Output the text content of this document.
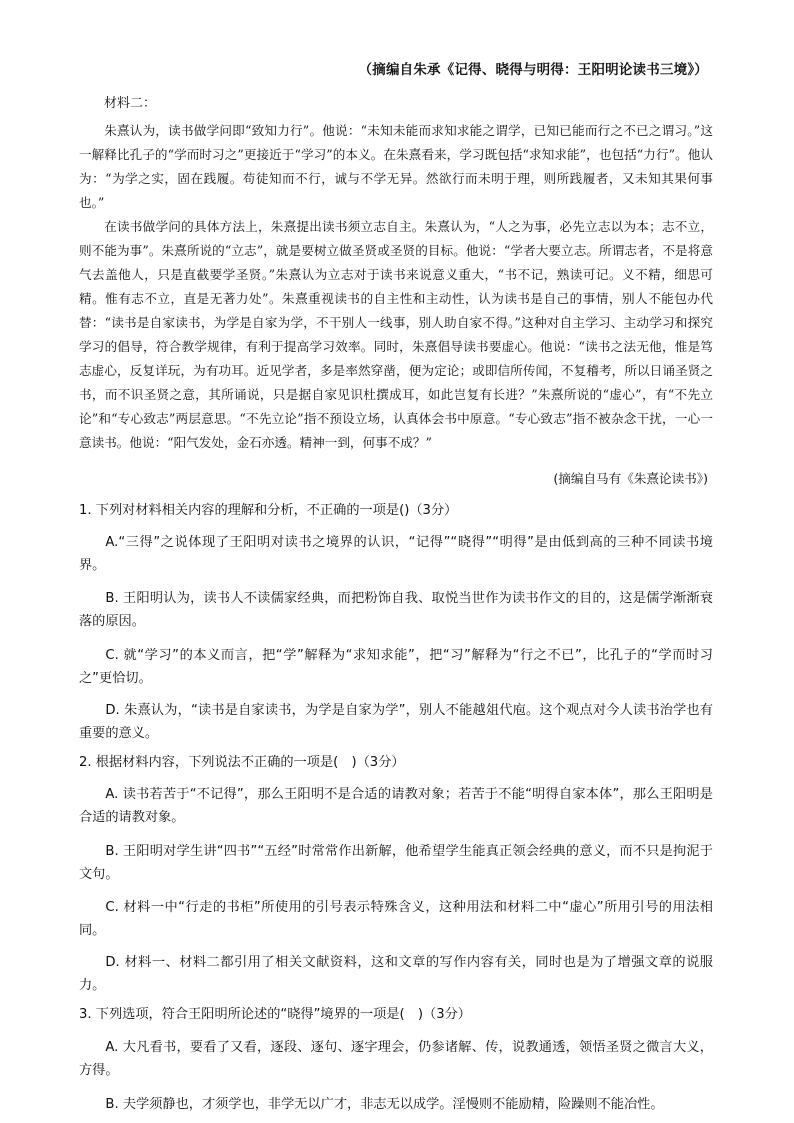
（摘编自朱承《记得、晓得与明得：王阳明论读书三境》）
材料二：

朱熹认为，读书做学问即“致知力行”。他说：“未知未能而求知求能之谓学，已知已能而行之不已之谓习。”这一解释比孔子的“学而时习之”更接近于“学习”的本义。在朱熹看来，学习既包括“求知求能”，也包括“力行”。他认为：“为学之实，固在践履。苟徒知而不行，诚与不学无异。然欲行而未明于理，则所践履者，又未知其果何事也。”

在读书做学问的具体方法上，朱熹提出读书须立志自主。朱熹认为，“人之为事，必先立志以为本；志不立，则不能为事”。朱熹所说的“立志”，就是要树立做圣贤或圣贤的目标。他说：“学者大要立志。所谓志者，不是将意气去盖他人，只是直截要学圣贤。”朱熹认为立志对于读书来说意义重大，“书不记，熟读可记。义不精，细思可精。惟有志不立，直是无著力处”。朱熹重视读书的自主性和主动性，认为读书是自己的事情，别人不能包办代替：“读书是自家读书，为学是自家为学，不干别人一线事，别人助自家不得。”这种对自主学习、主动学习和探究学习的倡导，符合教学规律，有利于提高学习效率。同时，朱熹倡导读书要虚心。他说：“读书之法无他，惟是笃志虚心，反复详玩，为有功耳。近见学者，多是率然穿凿，便为定论；或即信所传闻，不复稽考，所以日诵圣贤之书，而不识圣贤之意，其所诵说，只是据自家见识杜撰成耳，如此岂复有长进？”朱熹所说的“虚心”，有“不先立论”和“专心致志”两层意思。“不先立论”指不预设立场，认真体会书中原意。“专心致志”指不被杂念干扰，一心一意读书。他说：“阳气发处，金石亦透。精神一到，何事不成？”

(摘编自马有《朱熹论读书》)
1. 下列对材料相关内容的理解和分析，不正确的一项是()（3分）

A.“三得”之说体现了王阳明对读书之境界的认识，“记得”“晓得”“明得”是由低到高的三种不同读书境界。

B. 王阳明认为，读书人不读儒家经典，而把粉饰自我、取悦当世作为读书作文的目的，这是儒学渐渐衰落的原因。

C. 就“学习”的本义而言，把“学”解释为“求知求能”，把“习”解释为“行之不已”，比孔子的“学而时习之”更恰切。

D. 朱熹认为，“读书是自家读书，为学是自家为学”，别人不能越俎代庖。这个观点对今人读书治学也有重要的意义。

2. 根据材料内容，下列说法不正确的一项是(　)（3分）

A. 读书若苦于“不记得”，那么王阳明不是合适的请教对象；若苦于不能“明得自家本体”，那么王阳明是合适的请教对象。

B. 王阳明对学生讲“四书”“五经”时常常作出新解，他希望学生能真正领会经典的意义，而不只是拘泥于文句。

C. 材料一中“行走的书柜”所使用的引号表示特殊含义，这种用法和材料二中“虚心”所用引号的用法相同。

D. 材料一、材料二都引用了相关文献资料，这和文章的写作内容有关，同时也是为了增强文章的说服力。

3. 下列选项，符合王阳明所论述的“晓得”境界的一项是(　)（3分）

A. 大凡看书，要看了又看，逐段、逐句、逐字理会，仍参诸解、传，说教通透，领悟圣贤之微言大义，方得。

B. 夫学须静也，才须学也，非学无以广才，非志无以成学。淫慢则不能励精，险躁则不能冶性。
